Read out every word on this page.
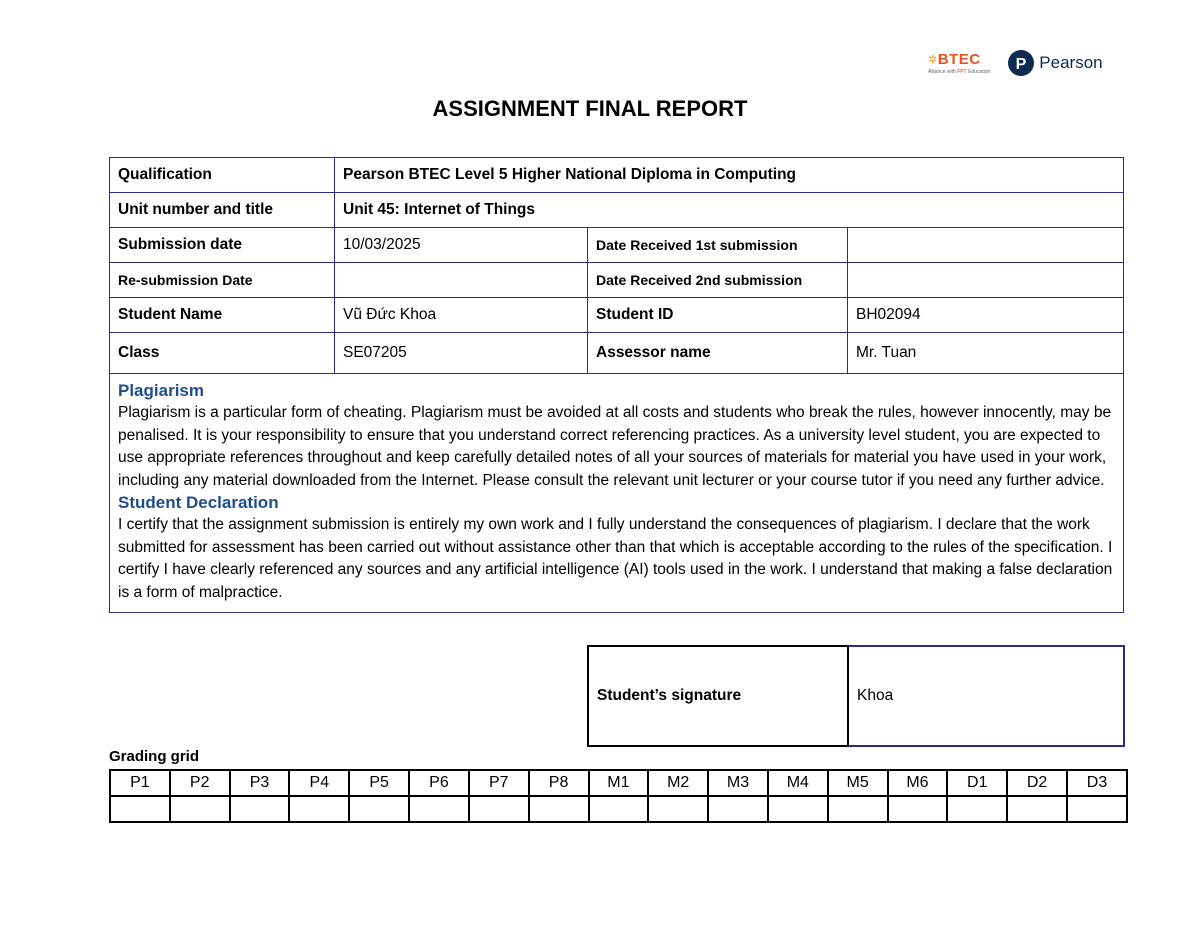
✲BTEC
Alliance with FPT Education P Pearson
ASSIGNMENT FINAL REPORT
Qualification	Pearson BTEC Level 5 Higher National Diploma in Computing		
Unit number and title	Unit 45: Internet of Things		
Submission date	10/03/2025	Date Received 1st submission	
Re-submission Date		Date Received 2nd submission	
Student Name	Vũ Đức Khoa	Student ID	BH02094
Class	SE07205	Assessor name	Mr. Tuan

Plagiarism
Plagiarism is a particular form of cheating. Plagiarism must be avoided at all costs and students who break the rules, however innocently, may be penalised. It is your responsibility to ensure that you understand correct referencing practices. As a university level student, you are expected to use appropriate references throughout and keep carefully detailed notes of all your sources of materials for material you have used in your work, including any material downloaded from the Internet. Please consult the relevant unit lecturer or your course tutor if you need any further advice.
Student Declaration
I certify that the assignment submission is entirely my own work and I fully understand the consequences of plagiarism. I declare that the work submitted for assessment has been carried out without assistance other than that which is acceptable according to the rules of the specification. I certify I have clearly referenced any sources and any artificial intelligence (AI) tools used in the work. I understand that making a false declaration is a form of malpractice.			
Student’s signature	Khoa
Grading grid
P1	P2	P3	P4	P5	P6	P7	P8	M1	M2	M3	M4	M5	M6	D1	D2	D3
